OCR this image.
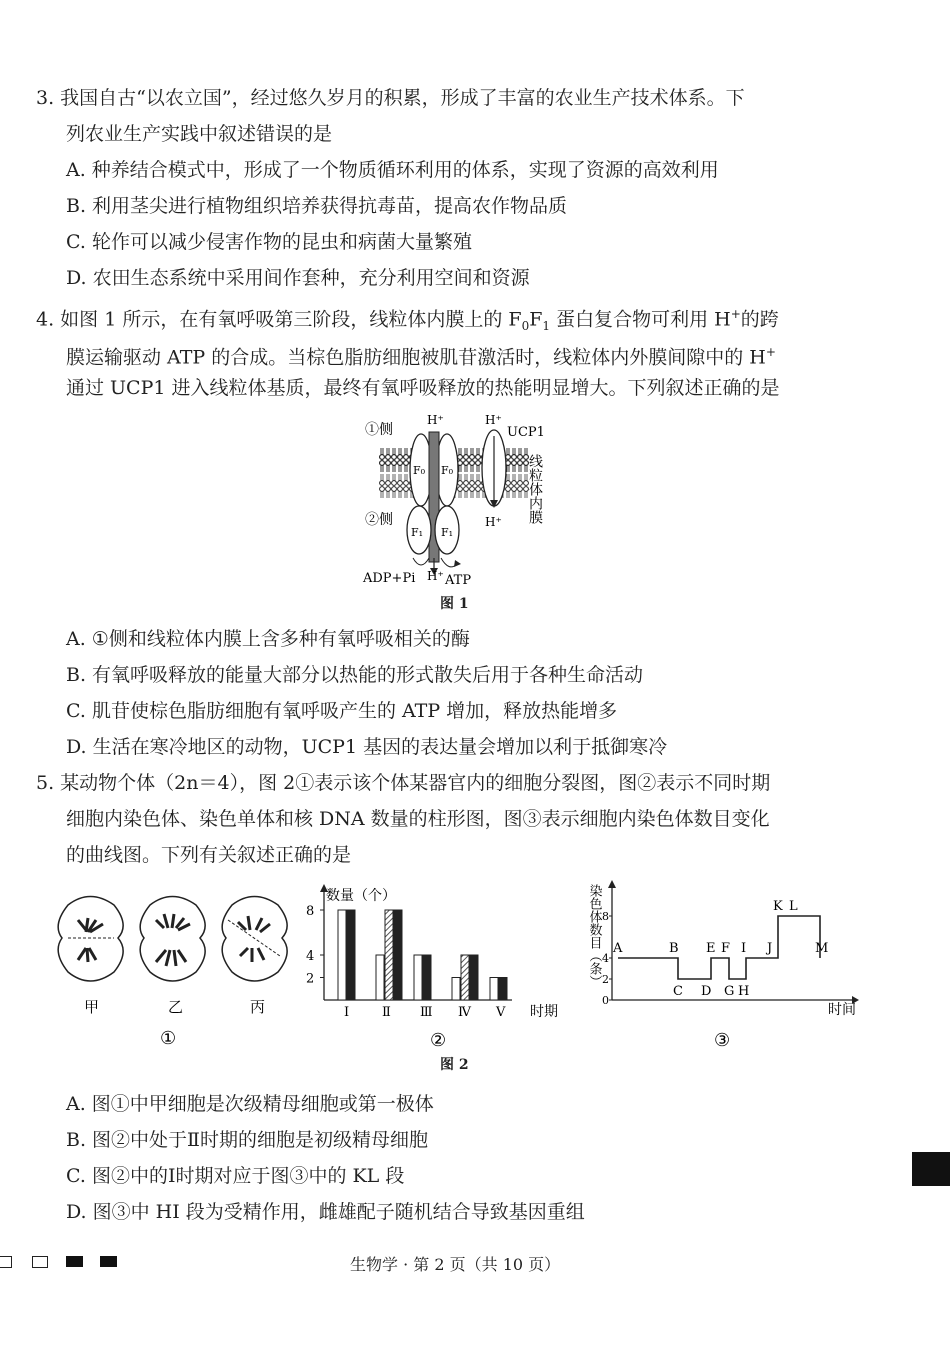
3. 我国自古“以农立国”，经过悠久岁月的积累，形成了丰富的农业生产技术体系。下
列农业生产实践中叙述错误的是
A. 种养结合模式中，形成了一个物质循环利用的体系，实现了资源的高效利用
B. 利用茎尖进行植物组织培养获得抗毒苗，提高农作物品质
C. 轮作可以减少侵害作物的昆虫和病菌大量繁殖
D. 农田生态系统中采用间作套种，充分利用空间和资源
4. 如图 1 所示，在有氧呼吸第三阶段，线粒体内膜上的 $F_0F_1$ 蛋白复合物可利用 H+的跨
膜运输驱动 ATP 的合成。当棕色脂肪细胞被肌苷激活时，线粒体内外膜间隙中的 H+
通过 UCP1 进入线粒体基质，最终有氧呼吸释放的热能明显增大。下列叙述正确的是
①侧
②侧
H⁺	H⁺
UCP1
H⁺
F₀ F₀
F₁ F₁
ADP+Pi H⁺ ATP
线粒体内膜
图 1
A. ①侧和线粒体内膜上含多种有氧呼吸相关的酶
B. 有氧呼吸释放的能量大部分以热能的形式散失后用于各种生命活动
C. 肌苷使棕色脂肪细胞有氧呼吸产生的 ATP 增加，释放热能增多
D. 生活在寒冷地区的动物，UCP1 基因的表达量会增加以利于抵御寒冷
5. 某动物个体（2n＝4），图 2①表示该个体某器官内的细胞分裂图，图②表示不同时期
细胞内染色体、染色单体和核 DNA 数量的柱形图，图③表示细胞内染色体数目变化
的曲线图。下列有关叙述正确的是
甲	乙	丙
①
数量（个）
时期
②
2
4
8
Ⅰ	Ⅱ Ⅲ Ⅳ Ⅴ
染色体数目（条）
时间
③
0
2
4
8
A	B
C D
E F
G H
I J
K L
M
图 2
A. 图①中甲细胞是次级精母细胞或第一极体
B. 图②中处于Ⅱ时期的细胞是初级精母细胞
C. 图②中的Ⅰ时期对应于图③中的 KL 段
D. 图③中 HI 段为受精作用，雌雄配子随机结合导致基因重组
生物学 · 第 2 页（共 10 页）
